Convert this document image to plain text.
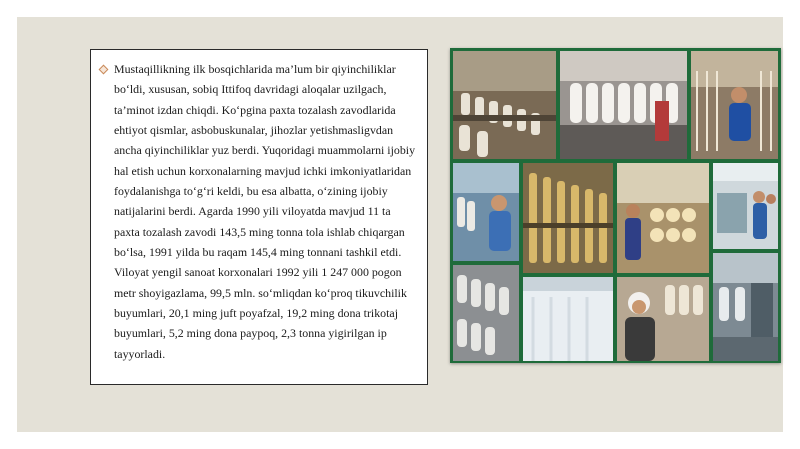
Mustaqillikning ilk bosqichlarida ma’lum bir qiyinchiliklar bo‘ldi, xususan, sobiq Ittifoq davridagi aloqalar uzilgach, ta’minot izdan chiqdi. Ko‘pgina paxta tozalash zavodlarida ehtiyot qismlar, asbobuskunalar, jihozlar yetishmasligvdan ancha qiyinchiliklar yuz berdi. Yuqoridagi muammolarni ijobiy hal etish uchun korxonalarning mavjud ichki imkoniyatlaridan foydalanishga to‘g‘ri keldi, bu esa albatta, o‘zining ijobiy natijalarini berdi. Agarda 1990 yili viloyatda mavjud 11 ta paxta tozalash zavodi 143,5 ming tonna tola ishlab chiqargan bo‘lsa, 1991 yilda bu raqam 145,4 ming tonnani tashkil etdi. Viloyat yengil sanoat korxonalari 1992 yili 1 247 000 pogon metr shoyigazlama, 99,5 mln. so‘mliqdan ko‘proq tikuvchilik buyumlari, 20,1 ming juft poyafzal, 19,2 ming dona trikotaj buyumlari, 5,2 ming dona paypoq, 2,3 tonna yigirilgan ip tayyorladi.
